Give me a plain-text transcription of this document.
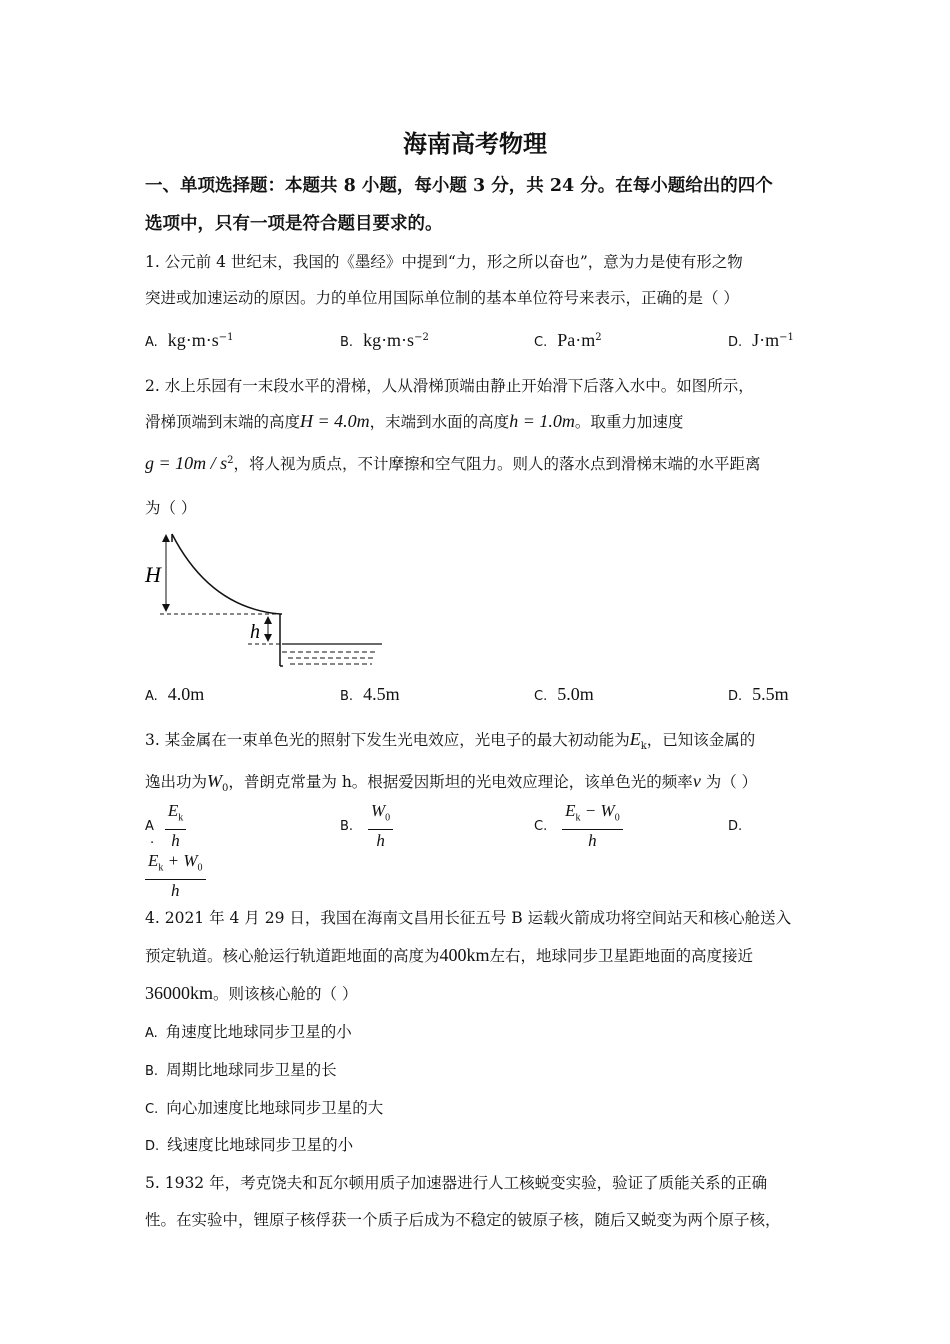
海南高考物理
一、单项选择题：本题共 8 小题，每小题 3 分，共 24 分。在每小题给出的四个
选项中，只有一项是符合题目要求的。
1. 公元前 4 世纪末，我国的《墨经》中提到“力，形之所以奋也”，意为力是使有形之物
突进或加速运动的原因。力的单位用国际单位制的基本单位符号来表示，正确的是（ ）
A. $kg\cdot m\cdot s^{-1}$	B. $kg\cdot m\cdot s^{-2}$	C. $Pa\cdot m^2$	D. $J\cdot m^{-1}$
2. 水上乐园有一末段水平的滑梯，人从滑梯顶端由静止开始滑下后落入水中。如图所示，
滑梯顶端到末端的高度H = 4.0m，末端到水面的高度h = 1.0m。取重力加速度
$g = 10m / s^2$，将人视为质点，不计摩擦和空气阻力。则人的落水点到滑梯末端的水平距离
为（ ）
H
h
A. 4.0m	B. 4.5m	C. 5.0m	D. 5.5m
3. 某金属在一束单色光的照射下发生光电效应，光电子的最大初动能为$E_k$，已知该金属的
逸出功为$W_0$，普朗克常量为 h。根据爱因斯坦的光电效应理论，该单色光的频率ν 为（ ）
A $\frac{E_k}{h}$
.
B. $\frac{W_0}{h}$	C. $\frac{E_k - W_0}{h}$	D.
$\frac{E_k + W_0}{h}$
4. 2021 年 4 月 29 日，我国在海南文昌用长征五号 B 运载火箭成功将空间站天和核心舱送入
预定轨道。核心舱运行轨道距地面的高度为400km左右，地球同步卫星距地面的高度接近
36000km。则该核心舱的（ ）
A. 角速度比地球同步卫星的小
B. 周期比地球同步卫星的长
C. 向心加速度比地球同步卫星的大
D. 线速度比地球同步卫星的小
5. 1932 年，考克饶夫和瓦尔顿用质子加速器进行人工核蜕变实验，验证了质能关系的正确
性。在实验中，锂原子核俘获一个质子后成为不稳定的铍原子核，随后又蜕变为两个原子核，
